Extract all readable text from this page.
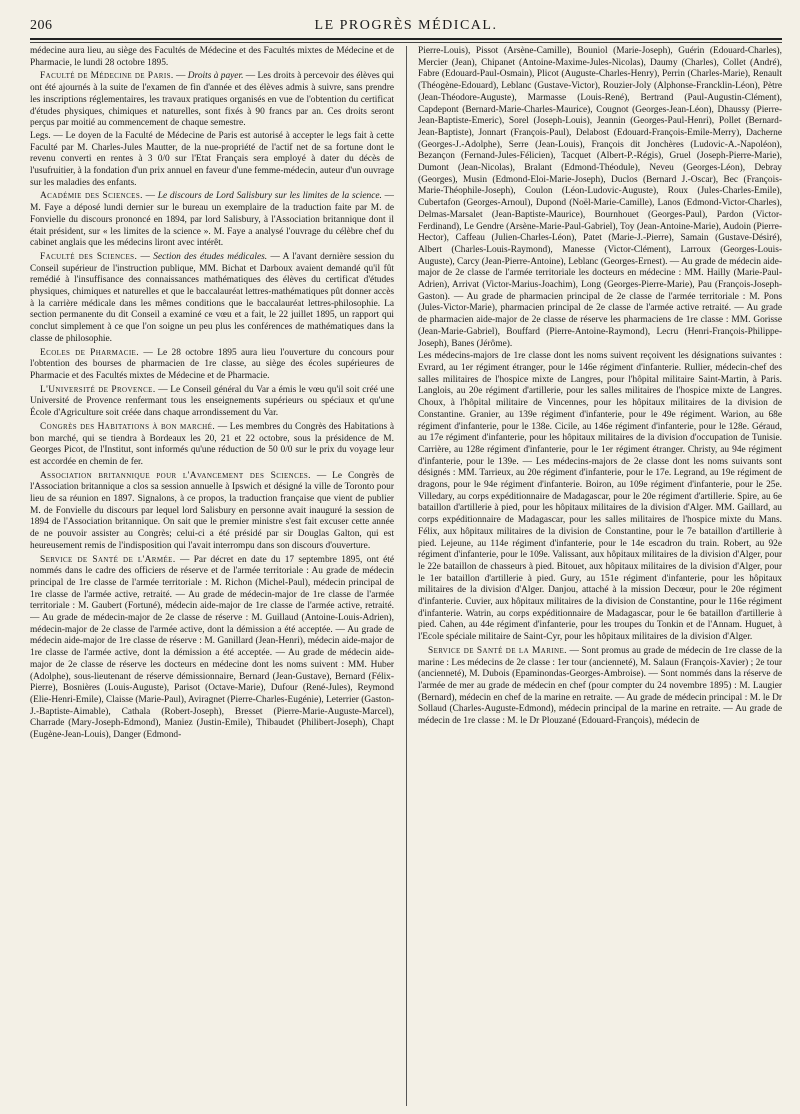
206	LE PROGRÈS MÉDICAL.

médecine aura lieu, au siège des Facultés de Médecine et des Facultés mixtes de Médecine et de Pharmacie, le lundi 28 octobre 1895.

Faculté de Médecine de Paris. — Droits à payer. — Les droits à percevoir des élèves qui ont été ajournés à la suite de l'examen de fin d'année et des élèves admis à suivre, sans prendre les inscriptions réglementaires, les travaux pratiques organisés en vue de l'obtention du certificat d'études physiques, chimiques et naturelles, sont fixés à 90 francs par an. Ces droits seront perçus par moitié au commencement de chaque semestre.

Legs. — Le doyen de la Faculté de Médecine de Paris est autorisé à accepter le legs fait à cette Faculté par M. Charles-Jules Mautter, de la nue-propriété de l'actif net de sa fortune dont le revenu converti en rentes à 3 0/0 sur l'Etat Français sera employé à dater du décès de l'usufruitier, à la fondation d'un prix annuel en faveur d'une femme-médecin, auteur d'un ouvrage sur les maladies des enfants.

Académie des Sciences. — Le discours de Lord Salisbury sur les limites de la science. — M. Faye a déposé lundi dernier sur le bureau un exemplaire de la traduction faite par M. de Fonvielle du discours prononcé en 1894, par lord Salisbury, à l'Association britannique dont il était président, sur « les limites de la science ». M. Faye a analysé l'ouvrage du célèbre chef du cabinet anglais que les médecins liront avec intérêt.

Faculté des Sciences. — Section des études médicales. — A l'avant dernière session du Conseil supérieur de l'instruction publique, MM. Bichat et Darboux avaient demandé qu'il fût remédié à l'insuffisance des connaissances mathématiques des élèves du certificat d'études physiques, chimiques et naturelles et que le baccalauréat lettres-mathématiques pût donner accès à la carrière médicale dans les mêmes conditions que le baccalauréat lettres-philosophie. La section permanente du dit Conseil a examiné ce vœu et a fait, le 22 juillet 1895, un rapport qui conclut simplement à ce que l'on soigne un peu plus les conférences de mathématiques dans la classe de philosophie.

Ecoles de Pharmacie. — Le 28 octobre 1895 aura lieu l'ouverture du concours pour l'obtention des bourses de pharmacien de 1re classe, au siège des écoles supérieures de Pharmacie et des Facultés mixtes de Médecine et de Pharmacie.

L'Université de Provence. — Le Conseil général du Var a émis le vœu qu'il soit créé une Université de Provence renfermant tous les enseignements supérieurs ou spéciaux et qu'une École d'Agriculture soit créée dans chaque arrondissement du Var.

Congrès des Habitations à bon marché. — Les membres du Congrès des Habitations à bon marché, qui se tiendra à Bordeaux les 20, 21 et 22 octobre, sous la présidence de M. Georges Picot, de l'Institut, sont informés qu'une réduction de 50 0/0 sur le prix du voyage leur est accordée en chemin de fer.

Association britannique pour l'Avancement des Sciences. — Le Congrès de l'Association britannique a clos sa session annuelle à Ipswich et désigné la ville de Toronto pour lieu de sa réunion en 1897. Signalons, à ce propos, la traduction française que vient de publier M. de Fonvielle du discours par lequel lord Salisbury en personne avait inauguré la session de 1894 de l'Association britannique. On sait que le premier ministre s'est fait excuser cette année de ne pouvoir assister au Congrès; celui-ci a été présidé par sir Douglas Galton, qui est heureusement remis de l'indisposition qui l'avait interrompu dans son discours d'ouverture.

Service de Santé de l'Armée. — Par décret en date du 17 septembre 1895, ont été nommés dans le cadre des officiers de réserve et de l'armée territoriale : Au grade de médecin principal de 1re classe de l'armée territoriale : M. Richon (Michel-Paul), médecin principal de 1re classe de l'armée active, retraité. — Au grade de médecin-major de 1re classe de l'armée territoriale : M. Gaubert (Fortuné), médecin aide-major de 1re classe de l'armée active, retraité. — Au grade de médecin-major de 2e classe de réserve : M. Guillaud (Antoine-Louis-Adrien), médecin-major de 2e classe de l'armée active, dont la démission a été acceptée. — Au grade de médecin aide-major de 1re classe de réserve : M. Ganillard (Jean-Henri), médecin aide-major de 1re classe de l'armée active, dont la démission a été acceptée. — Au grade de médecin aide-major de 2e classe de réserve les docteurs en médecine dont les noms suivent : MM. Huber (Adolphe), sous-lieutenant de réserve démissionnaire, Bernard (Jean-Gustave), Bernard (Félix-Pierre), Bosnières (Louis-Auguste), Parisot (Octave-Marie), Dufour (René-Jules), Reymond (Elie-Henri-Emile), Claisse (Marie-Paul), Aviragnet (Pierre-Charles-Eugénie), Leterrier (Gaston-J.-Baptiste-Aimable), Cathala (Robert-Joseph), Bresset (Pierre-Marie-Auguste-Marcel), Charrade (Mary-Joseph-Edmond), Maniez (Justin-Emile), Thibaudet (Philibert-Joseph), Chapt (Eugène-Jean-Louis), Danger (Edmond-

Pierre-Louis), Pissot (Arsène-Camille), Bouniol (Marie-Joseph), Guérin (Edouard-Charles), Mercier (Jean), Chipanet (Antoine-Maxime-Jules-Nicolas), Daumy (Charles), Collet (André), Fabre (Edouard-Paul-Osmain), Plicot (Auguste-Charles-Henry), Perrin (Charles-Marie), Renault (Théogène-Edouard), Leblanc (Gustave-Victor), Rouzier-Joly (Alphonse-Francklin-Léon), Pètre (Jean-Théodore-Auguste), Marmasse (Louis-René), Bertrand (Paul-Augustin-Clément), Capdepont (Bernard-Marie-Charles-Maurice), Cougnot (Georges-Jean-Léon), Dhaussy (Pierre-Jean-Baptiste-Emeric), Sorel (Joseph-Louis), Jeannin (Georges-Paul-Henri), Pollet (Bernard-Jean-Baptiste), Jonnart (François-Paul), Delabost (Edouard-François-Emile-Merry), Dacherne (Georges-J.-Adolphe), Serre (Jean-Louis), François dit Jonchères (Ludovic-A.-Napoléon), Bezançon (Fernand-Jules-Félicien), Tacquet (Albert-P.-Régis), Gruel (Joseph-Pierre-Marie), Dumont (Jean-Nicolas), Bralant (Edmond-Théodule), Neveu (Georges-Léon), Debray (Georges), Musin (Edmond-Eloi-Marie-Joseph), Duclos (Bernard J.-Oscar), Bec (François-Marie-Théophile-Joseph), Coulon (Léon-Ludovic-Auguste), Roux (Jules-Charles-Emile), Cubertafon (Georges-Arnoul), Dupond (Noël-Marie-Camille), Lanos (Edmond-Victor-Charles), Delmas-Marsalet (Jean-Baptiste-Maurice), Bournhouet (Georges-Paul), Pardon (Victor-Ferdinand), Le Gendre (Arsène-Marie-Paul-Gabriel), Toy (Jean-Antoine-Marie), Audoin (Pierre-Hector), Caffeau (Julien-Charles-Léon), Patet (Marie-J.-Pierre), Samain (Gustave-Désiré), Albert (Charles-Louis-Raymond), Manesse (Victor-Clément), Larroux (Georges-Louis-Auguste), Carcy (Jean-Pierre-Antoine), Leblanc (Georges-Ernest). — Au grade de médecin aide-major de 2e classe de l'armée territoriale les docteurs en médecine : MM. Hailly (Marie-Paul-Adrien), Arrivat (Victor-Marius-Joachim), Long (Georges-Pierre-Marie), Pau (François-Joseph-Gaston). — Au grade de pharmacien principal de 2e classe de l'armée territoriale : M. Pons (Jules-Victor-Marie), pharmacien principal de 2e classe de l'armée active retraité. — Au grade de pharmacien aide-major de 2e classe de réserve les pharmaciens de 1re classe : MM. Gorisse (Jean-Marie-Gabriel), Bouffard (Pierre-Antoine-Raymond), Lecru (Henri-François-Philippe-Joseph), Banes (Jérôme).

Les médecins-majors de 1re classe dont les noms suivent reçoivent les désignations suivantes : Evrard, au 1er régiment étranger, pour le 146e régiment d'infanterie. Rullier, médecin-chef des salles militaires de l'hospice mixte de Langres, pour l'hôpital militaire Saint-Martin, à Paris. Langlois, au 20e régiment d'artillerie, pour les salles militaires de l'hospice mixte de Langres. Choux, à l'hôpital militaire de Vincennes, pour les hôpitaux militaires de la division de Constantine. Granier, au 139e régiment d'infanterie, pour le 49e régiment. Warion, au 68e régiment d'infanterie, pour le 138e. Cicile, au 146e régiment d'infanterie, pour le 128e. Géraud, au 17e régiment d'infanterie, pour les hôpitaux militaires de la division d'occupation de Tunisie. Carrière, au 128e régiment d'infanterie, pour le 1er régiment étranger. Christy, au 94e régiment d'infanterie, pour le 139e. — Les médecins-majors de 2e classe dont les noms suivants sont désignés : MM. Tarrieux, au 20e régiment d'infanterie, pour le 17e. Legrand, au 19e régiment de dragons, pour le 94e régiment d'infanterie. Boiron, au 109e régiment d'infanterie, pour le 25e. Villedary, au corps expéditionnaire de Madagascar, pour le 20e régiment d'artillerie. Spire, au 6e bataillon d'artillerie à pied, pour les hôpitaux militaires de la division d'Alger. MM. Gaillard, au corps expéditionnaire de Madagascar, pour les salles militaires de l'hospice mixte du Mans. Félix, aux hôpitaux militaires de la division de Constantine, pour le 7e bataillon d'artillerie à pied. Lejeune, au 114e régiment d'infanterie, pour le 14e escadron du train. Robert, au 92e régiment d'infanterie, pour le 109e. Valissant, aux hôpitaux militaires de la division d'Alger, pour le 22e bataillon de chasseurs à pied. Bitouet, aux hôpitaux militaires de la division d'Alger, pour le 1er bataillon d'artillerie à pied. Gury, au 151e régiment d'infanterie, pour les hôpitaux militaires de la division d'Alger. Danjou, attaché à la mission Decœur, pour le 20e régiment d'infanterie. Cuvier, aux hôpitaux militaires de la division de Constantine, pour le 116e régiment d'infanterie. Watrin, au corps expéditionnaire de Madagascar, pour le 6e bataillon d'artillerie à pied. Cahen, au 44e régiment d'infanterie, pour les troupes du Tonkin et de l'Annam. Huguet, à l'Ecole spéciale militaire de Saint-Cyr, pour les hôpitaux militaires de la division d'Alger.

Service de Santé de la Marine. — Sont promus au grade de médecin de 1re classe de la marine : Les médecins de 2e classe : 1er tour (ancienneté), M. Salaun (François-Xavier) ; 2e tour (ancienneté), M. Dubois (Epaminondas-Georges-Ambroise). — Sont nommés dans la réserve de l'armée de mer au grade de médecin en chef (pour compter du 24 novembre 1895) : M. Laugier (Bernard), médecin en chef de la marine en retraite. — Au grade de médecin principal : M. le Dr Sollaud (Charles-Auguste-Edmond), médecin principal de la marine en retraite. — Au grade de médecin de 1re classe : M. le Dr Plouzané (Edouard-François), médecin de
